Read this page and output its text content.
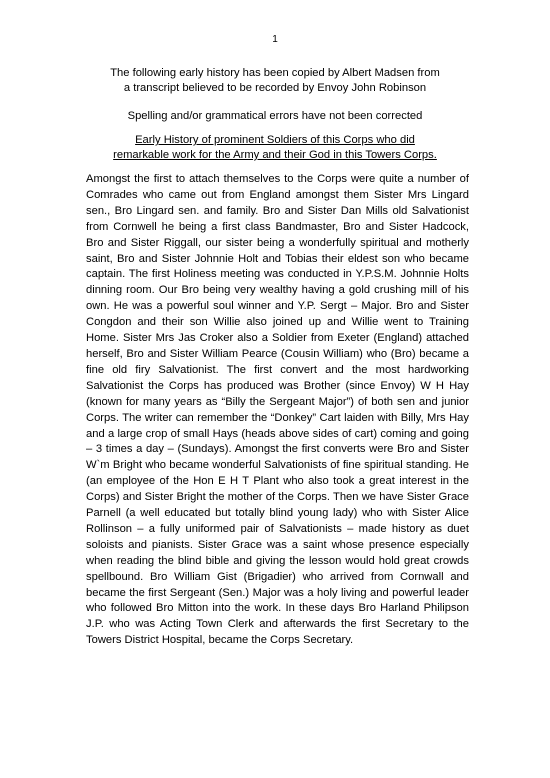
1

The following early history has been copied by Albert Madsen from
a transcript believed to be recorded by Envoy John Robinson

Spelling and/or grammatical errors have not been corrected

Early History of prominent Soldiers of this Corps who did
remarkable work for the Army and their God in this Towers Corps.

Amongst the first to attach themselves to the Corps were quite a number of Comrades who came out from England amongst them Sister Mrs Lingard sen., Bro Lingard sen. and family. Bro and Sister Dan Mills old Salvationist from Cornwell he being a first class Bandmaster, Bro and Sister Hadcock, Bro and Sister Riggall, our sister being a wonderfully spiritual and motherly saint, Bro and Sister Johnnie Holt and Tobias their eldest son who became captain. The first Holiness meeting was conducted in Y.P.S.M. Johnnie Holts dinning room. Our Bro being very wealthy having a gold crushing mill of his own. He was a powerful soul winner and Y.P. Sergt – Major. Bro and Sister Congdon and their son Willie also joined up and Willie went to Training Home. Sister Mrs Jas Croker also a Soldier from Exeter (England) attached herself, Bro and Sister William Pearce (Cousin William) who (Bro) became a fine old firy Salvationist. The first convert and the most hardworking Salvationist the Corps has produced was Brother (since Envoy) W H Hay (known for many years as “Billy the Sergeant Major”) of both sen and junior Corps. The writer can remember the “Donkey” Cart laiden with Billy, Mrs Hay and a large crop of small Hays (heads above sides of cart) coming and going – 3 times a day – (Sundays). Amongst the first converts were Bro and Sister W`m Bright who became wonderful Salvationists of fine spiritual standing. He (an employee of the Hon E H T Plant who also took a great interest in the Corps) and Sister Bright the mother of the Corps. Then we have Sister Grace Parnell (a well educated but totally blind young lady) who with Sister Alice Rollinson – a fully uniformed pair of Salvationists – made history as duet soloists and pianists. Sister Grace was a saint whose presence especially when reading the blind bible and giving the lesson would hold great crowds spellbound. Bro William Gist (Brigadier) who arrived from Cornwall and became the first Sergeant (Sen.) Major was a holy living and powerful leader who followed Bro Mitton into the work. In these days Bro Harland Philipson J.P. who was Acting Town Clerk and afterwards the first Secretary to the Towers District Hospital, became the Corps Secretary.
